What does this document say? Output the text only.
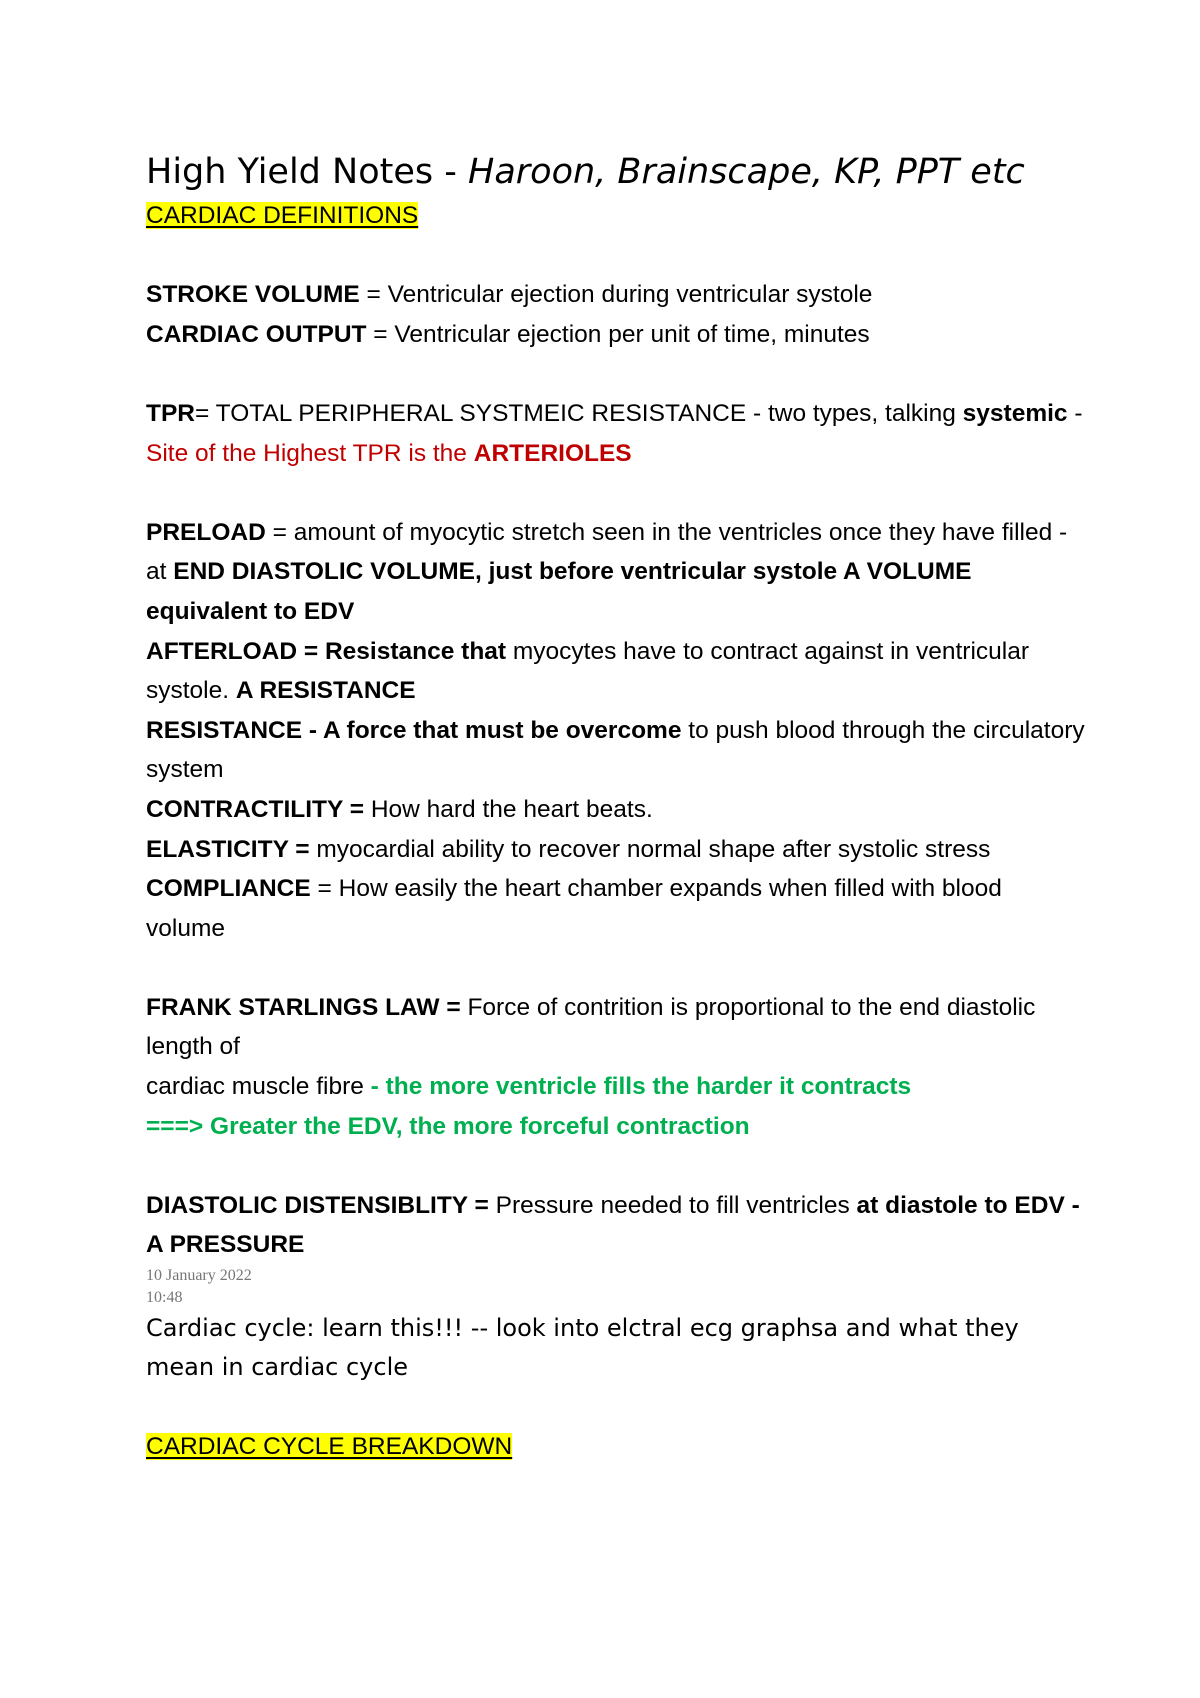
High Yield Notes - Haroon, Brainscape, KP, PPT etc

CARDIAC DEFINITIONS

STROKE VOLUME = Ventricular ejection during ventricular systole

CARDIAC OUTPUT = Ventricular ejection per unit of time, minutes

TPR= TOTAL PERIPHERAL SYSTMEIC RESISTANCE - two types, talking systemic - Site of the Highest TPR is the ARTERIOLES

PRELOAD = amount of myocytic stretch seen in the ventricles once they have filled - at END DIASTOLIC VOLUME, just before ventricular systole A VOLUME equivalent to EDV

AFTERLOAD = Resistance that myocytes have to contract against in ventricular systole. A RESISTANCE

RESISTANCE - A force that must be overcome to push blood through the circulatory system

CONTRACTILITY = How hard the heart beats.

ELASTICITY = myocardial ability to recover normal shape after systolic stress

COMPLIANCE = How easily the heart chamber expands when filled with blood volume

FRANK STARLINGS LAW = Force of contrition is proportional to the end diastolic length of

cardiac muscle fibre - the more ventricle fills the harder it contracts

===> Greater the EDV, the more forceful contraction

DIASTOLIC DISTENSIBLITY = Pressure needed to fill ventricles at diastole to EDV - A PRESSURE

10 January 2022

10:48

Cardiac cycle: learn this!!! -- look into elctral ecg graphsa and what they mean in cardiac cycle

CARDIAC CYCLE BREAKDOWN
